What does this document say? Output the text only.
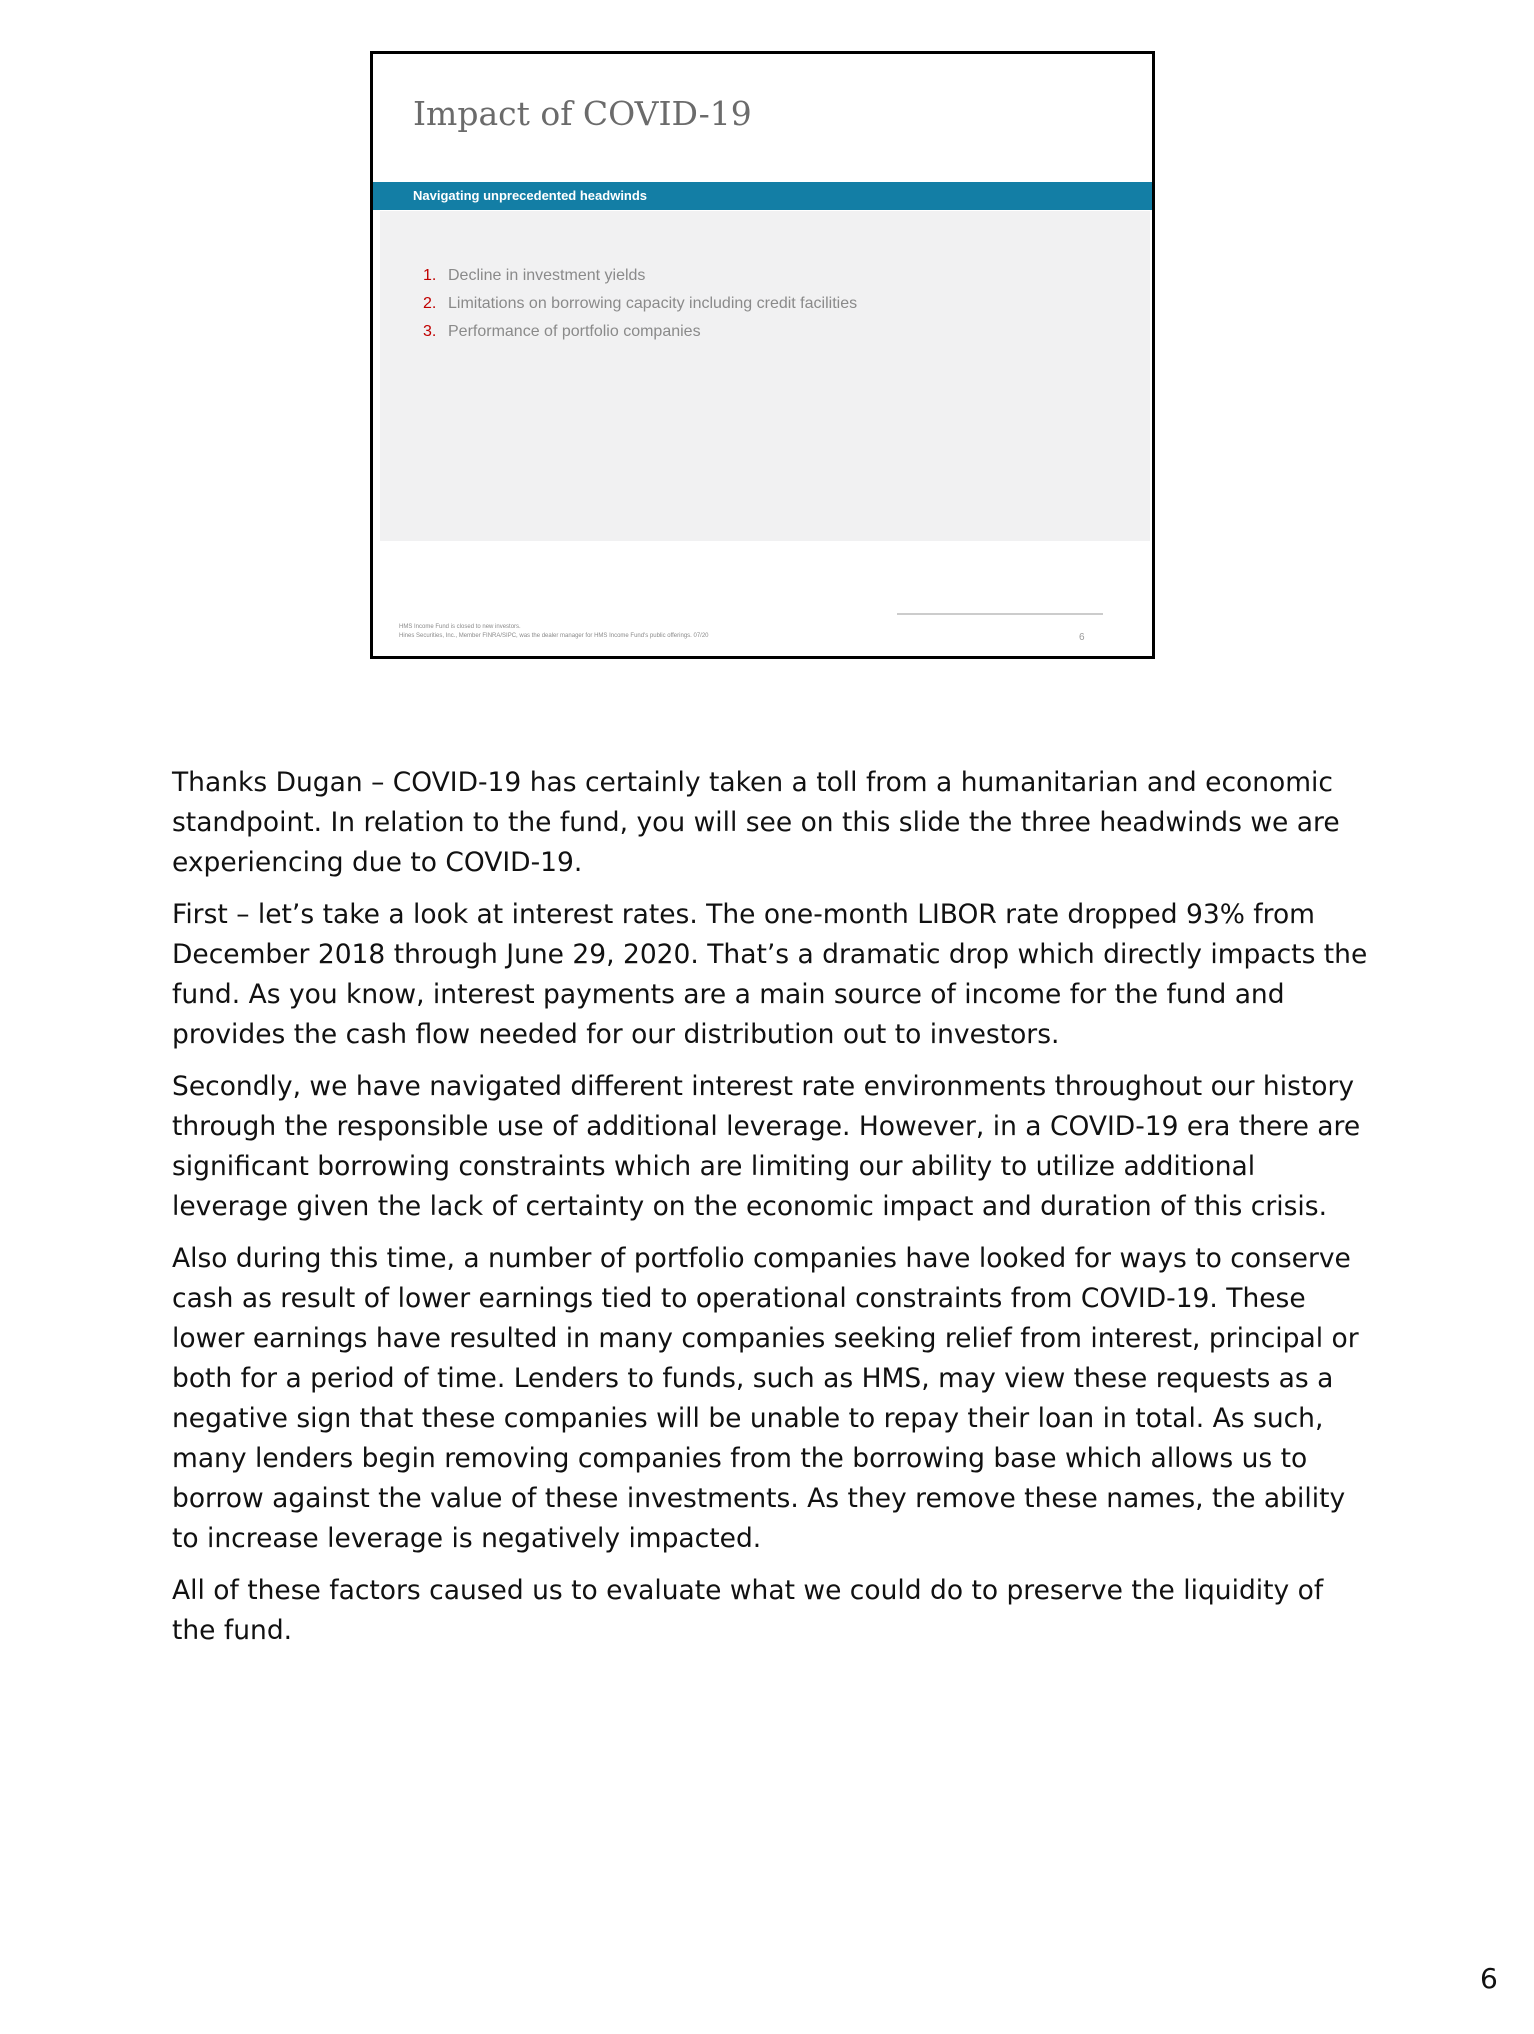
Impact of COVID-19
Navigating unprecedented headwinds
1. Decline in investment yields
2. Limitations on borrowing capacity including credit facilities
3. Performance of portfolio companies
HMS Income Fund is closed to new investors.
Hines Securities, Inc., Member FINRA/SIPC, was the dealer manager for HMS Income Fund's public offerings. 07/20	6

Thanks Dugan – COVID-19 has certainly taken a toll from a humanitarian and economic standpoint. In relation to the fund, you will see on this slide the three headwinds we are experiencing due to COVID-19.

First – let’s take a look at interest rates. The one-month LIBOR rate dropped 93% from December 2018 through June 29, 2020. That’s a dramatic drop which directly impacts the fund. As you know, interest payments are a main source of income for the fund and provides the cash flow needed for our distribution out to investors.

Secondly, we have navigated different interest rate environments throughout our history through the responsible use of additional leverage. However, in a COVID-19 era there are significant borrowing constraints which are limiting our ability to utilize additional leverage given the lack of certainty on the economic impact and duration of this crisis.

Also during this time, a number of portfolio companies have looked for ways to conserve cash as result of lower earnings tied to operational constraints from COVID-19. These lower earnings have resulted in many companies seeking relief from interest, principal or both for a period of time. Lenders to funds, such as HMS, may view these requests as a negative sign that these companies will be unable to repay their loan in total. As such, many lenders begin removing companies from the borrowing base which allows us to borrow against the value of these investments. As they remove these names, the ability to increase leverage is negatively impacted.

All of these factors caused us to evaluate what we could do to preserve the liquidity of the fund.

6
